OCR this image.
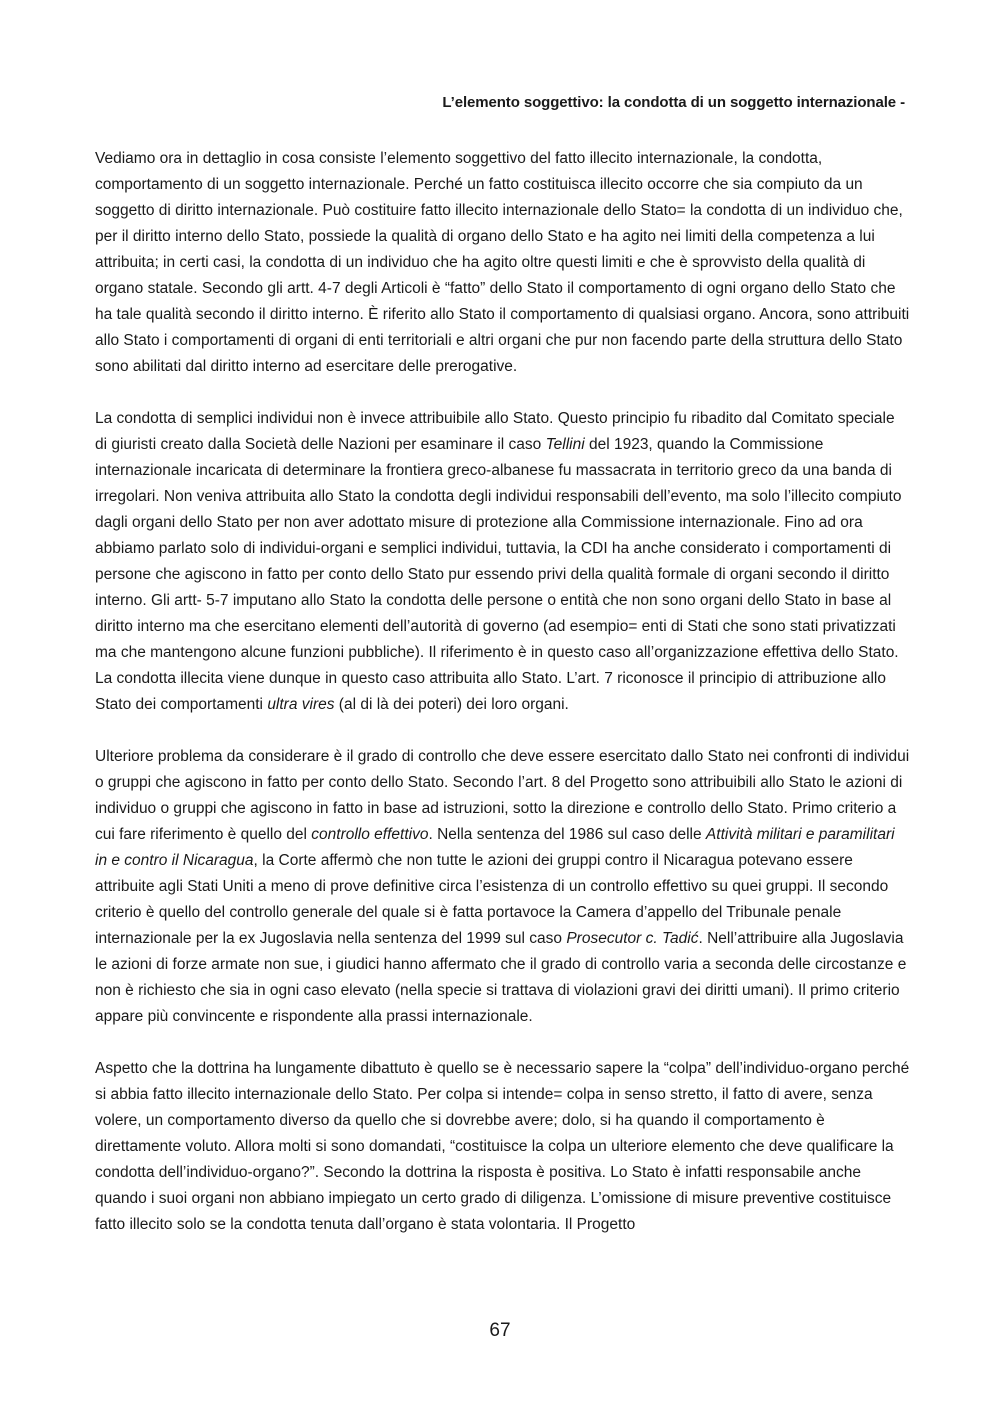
L’elemento soggettivo: la condotta di un soggetto internazionale -

Vediamo ora in dettaglio in cosa consiste l’elemento soggettivo del fatto illecito internazionale, la condotta, comportamento di un soggetto internazionale. Perché un fatto costituisca illecito occorre che sia compiuto da un soggetto di diritto internazionale. Può costituire fatto illecito internazionale dello Stato= la condotta di un individuo che, per il diritto interno dello Stato, possiede la qualità di organo dello Stato e ha agito nei limiti della competenza a lui attribuita; in certi casi, la condotta di un individuo che ha agito oltre questi limiti e che è sprovvisto della qualità di organo statale. Secondo gli artt. 4-7 degli Articoli è “fatto” dello Stato il comportamento di ogni organo dello Stato che ha tale qualità secondo il diritto interno. È riferito allo Stato il comportamento di qualsiasi organo. Ancora, sono attribuiti allo Stato i comportamenti di organi di enti territoriali e altri organi che pur non facendo parte della struttura dello Stato sono abilitati dal diritto interno ad esercitare delle prerogative.

La condotta di semplici individui non è invece attribuibile allo Stato. Questo principio fu ribadito dal Comitato speciale di giuristi creato dalla Società delle Nazioni per esaminare il caso Tellini del 1923, quando la Commissione internazionale incaricata di determinare la frontiera greco-albanese fu massacrata in territorio greco da una banda di irregolari. Non veniva attribuita allo Stato la condotta degli individui responsabili dell’evento, ma solo l’illecito compiuto dagli organi dello Stato per non aver adottato misure di protezione alla Commissione internazionale. Fino ad ora abbiamo parlato solo di individui-organi e semplici individui, tuttavia, la CDI ha anche considerato i comportamenti di persone che agiscono in fatto per conto dello Stato pur essendo privi della qualità formale di organi secondo il diritto interno. Gli artt- 5-7 imputano allo Stato la condotta delle persone o entità che non sono organi dello Stato in base al diritto interno ma che esercitano elementi dell’autorità di governo (ad esempio= enti di Stati che sono stati privatizzati ma che mantengono alcune funzioni pubbliche). Il riferimento è in questo caso all’organizzazione effettiva dello Stato. La condotta illecita viene dunque in questo caso attribuita allo Stato. L’art. 7 riconosce il principio di attribuzione allo Stato dei comportamenti ultra vires (al di là dei poteri) dei loro organi.

Ulteriore problema da considerare è il grado di controllo che deve essere esercitato dallo Stato nei confronti di individui o gruppi che agiscono in fatto per conto dello Stato. Secondo l’art. 8 del Progetto sono attribuibili allo Stato le azioni di individuo o gruppi che agiscono in fatto in base ad istruzioni, sotto la direzione e controllo dello Stato. Primo criterio a cui fare riferimento è quello del controllo effettivo. Nella sentenza del 1986 sul caso delle Attività militari e paramilitari in e contro il Nicaragua, la Corte affermò che non tutte le azioni dei gruppi contro il Nicaragua potevano essere attribuite agli Stati Uniti a meno di prove definitive circa l’esistenza di un controllo effettivo su quei gruppi. Il secondo criterio è quello del controllo generale del quale si è fatta portavoce la Camera d’appello del Tribunale penale internazionale per la ex Jugoslavia nella sentenza del 1999 sul caso Prosecutor c. Tadić. Nell’attribuire alla Jugoslavia le azioni di forze armate non sue, i giudici hanno affermato che il grado di controllo varia a seconda delle circostanze e non è richiesto che sia in ogni caso elevato (nella specie si trattava di violazioni gravi dei diritti umani). Il primo criterio appare più convincente e rispondente alla prassi internazionale.

Aspetto che la dottrina ha lungamente dibattuto è quello se è necessario sapere la “colpa” dell’individuo-organo perché si abbia fatto illecito internazionale dello Stato. Per colpa si intende= colpa in senso stretto, il fatto di avere, senza volere, un comportamento diverso da quello che si dovrebbe avere; dolo, si ha quando il comportamento è direttamente voluto. Allora molti si sono domandati, “costituisce la colpa un ulteriore elemento che deve qualificare la condotta dell’individuo-organo?”. Secondo la dottrina la risposta è positiva. Lo Stato è infatti responsabile anche quando i suoi organi non abbiano impiegato un certo grado di diligenza. L’omissione di misure preventive costituisce fatto illecito solo se la condotta tenuta dall’organo è stata volontaria. Il Progetto

67
